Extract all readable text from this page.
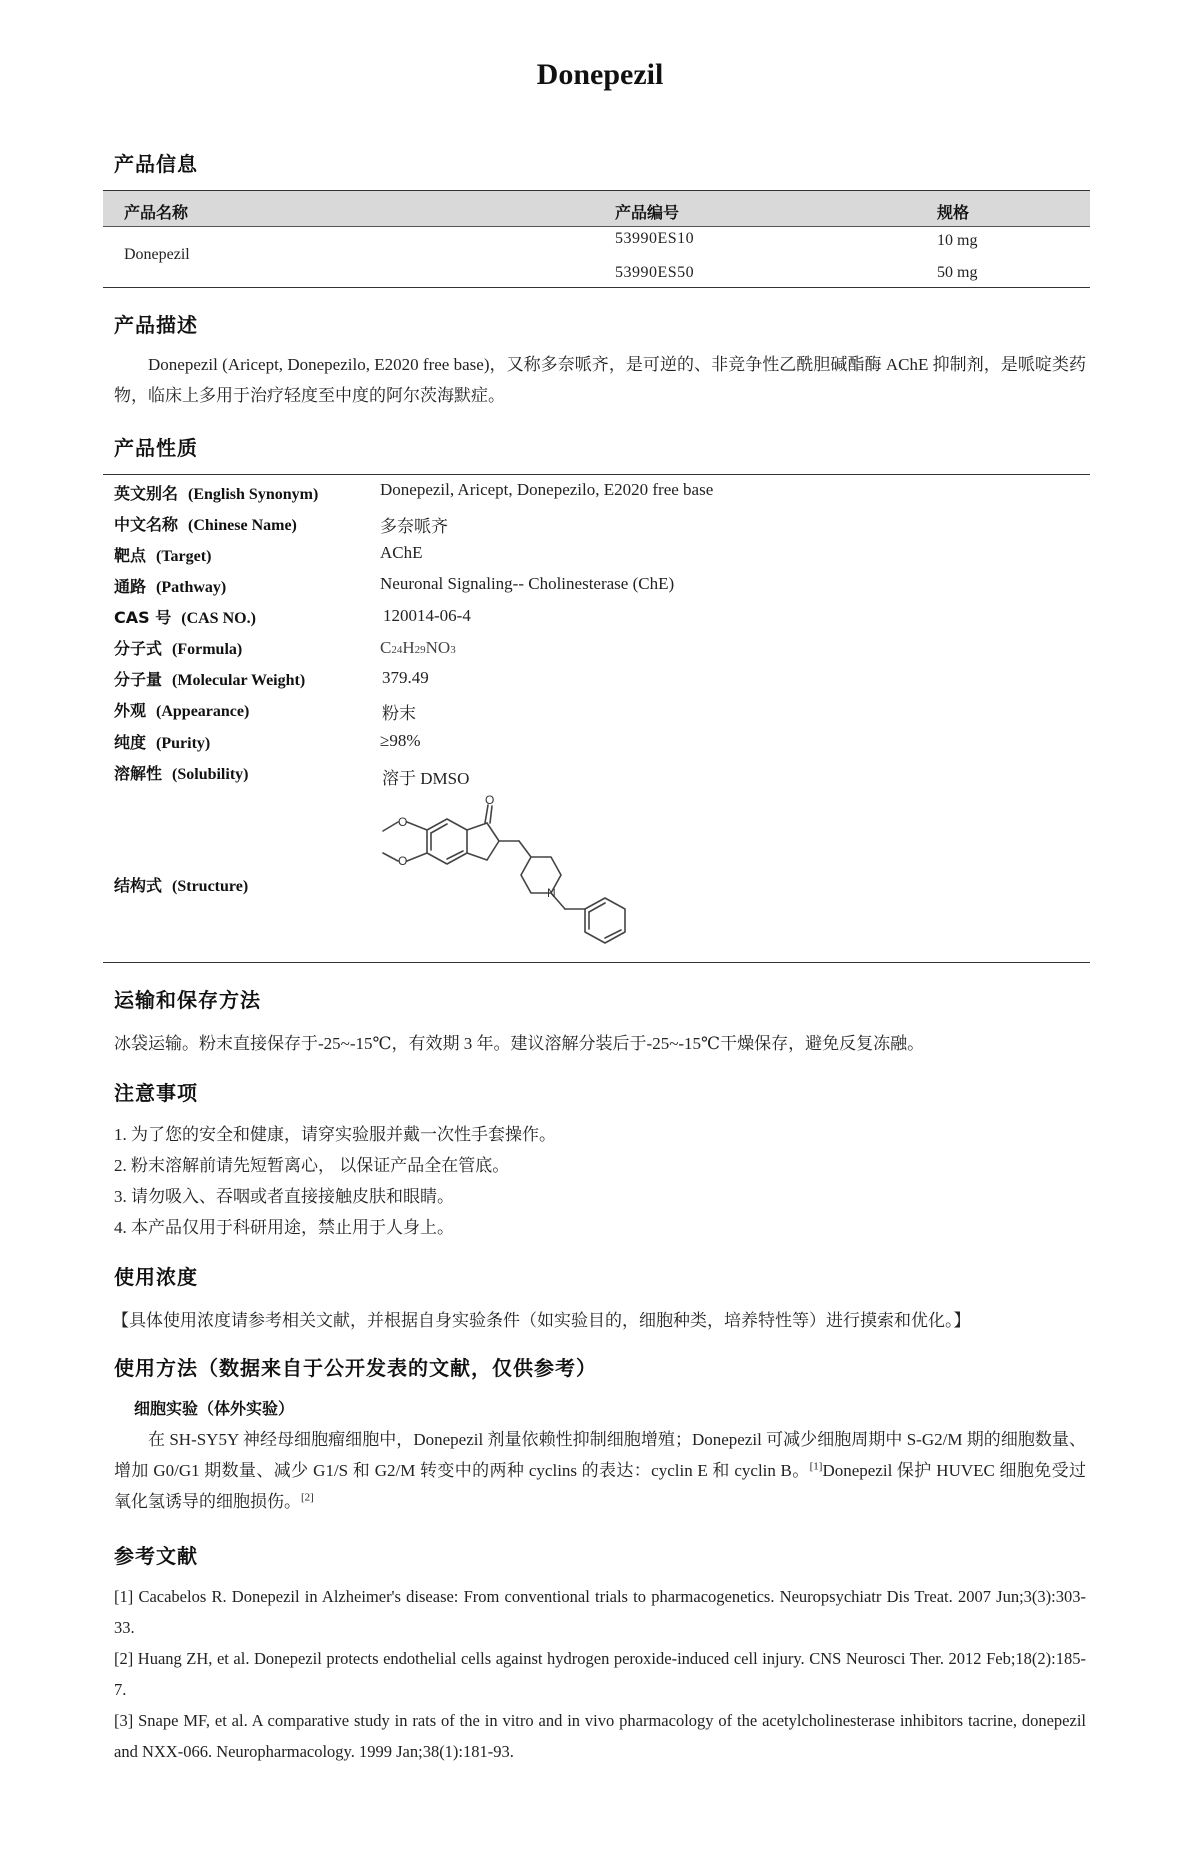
Donepezil
产品信息
产品名称	产品编号	规格
Donepezil
53990ES10	10 mg
53990ES50	50 mg
产品描述
Donepezil (Aricept, Donepezilo, E2020 free base)，又称多奈哌齐，是可逆的、非竞争性乙酰胆碱酯酶 AChE 抑制剂，是哌啶类药物，临床上多用于治疗轻度至中度的阿尔茨海默症。
产品性质
英文别名 (English Synonym)	Donepezil, Aricept, Donepezilo, E2020 free base
中文名称 (Chinese Name)	多奈哌齐
靶点 (Target)	AChE
通路 (Pathway)	Neuronal Signaling-- Cholinesterase (ChE)
CAS 号 (CAS NO.)	120014-06-4
分子式 (Formula)	C24H29NO3
分子量 (Molecular Weight)	379.49
外观 (Appearance)	粉末
纯度 (Purity)	≥98%
溶解性 (Solubility)	溶于 DMSO
结构式 (Structure)
O
O
O
N
运输和保存方法
冰袋运输。粉末直接保存于-25~-15℃，有效期 3 年。建议溶解分装后于-25~-15℃干燥保存，避免反复冻融。
注意事项
1. 为了您的安全和健康，请穿实验服并戴一次性手套操作。
2. 粉末溶解前请先短暂离心， 以保证产品全在管底。
3. 请勿吸入、吞咽或者直接接触皮肤和眼睛。
4. 本产品仅用于科研用途，禁止用于人身上。
使用浓度
【具体使用浓度请参考相关文献，并根据自身实验条件（如实验目的，细胞种类，培养特性等）进行摸索和优化。】
使用方法（数据来自于公开发表的文献，仅供参考）
细胞实验（体外实验）
在 SH-SY5Y 神经母细胞瘤细胞中，Donepezil 剂量依赖性抑制细胞增殖；Donepezil 可减少细胞周期中 S-G2/M 期的细胞数量、增加 G0/G1 期数量、减少 G1/S 和 G2/M 转变中的两种 cyclins 的表达：cyclin E 和 cyclin B。[1]Donepezil 保护 HUVEC 细胞免受过氧化氢诱导的细胞损伤。[2]
参考文献
[1] Cacabelos R. Donepezil in Alzheimer's disease: From conventional trials to pharmacogenetics. Neuropsychiatr Dis Treat. 2007 Jun;3(3):303-33.
[2] Huang ZH, et al. Donepezil protects endothelial cells against hydrogen peroxide-induced cell injury. CNS Neurosci Ther. 2012 Feb;18(2):185-7.
[3] Snape MF, et al. A comparative study in rats of the in vitro and in vivo pharmacology of the acetylcholinesterase inhibitors tacrine, donepezil and NXX-066. Neuropharmacology. 1999 Jan;38(1):181-93.
